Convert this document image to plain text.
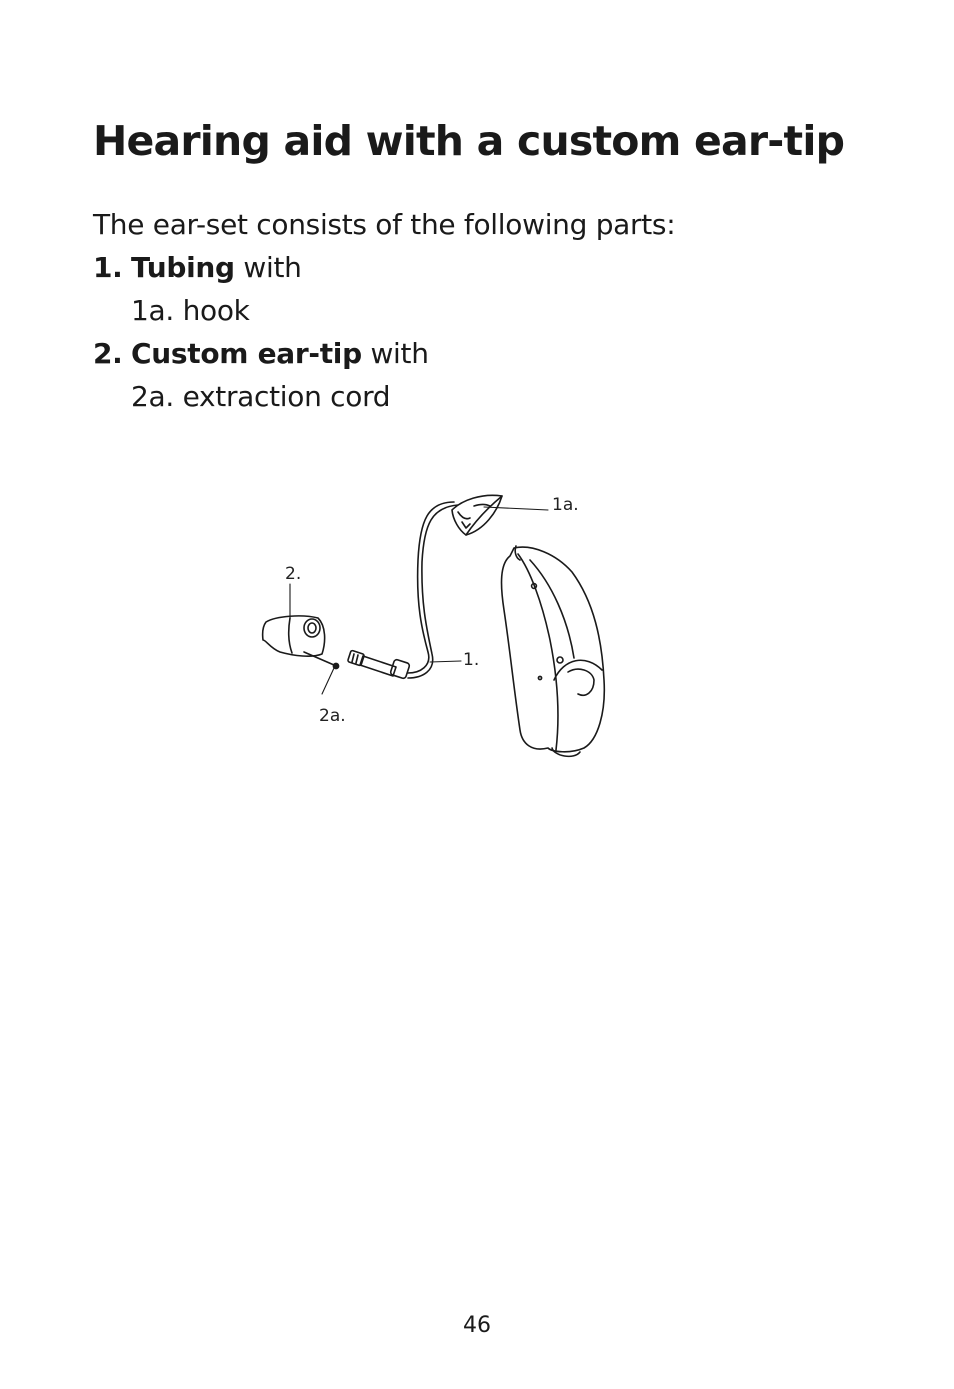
Hearing aid with a custom ear-tip

The ear-set consists of the following parts:

1. Tubing with
1a. hook
2. Custom ear-tip with
2a. extraction cord
1a.
1.
2.
2a.
46
